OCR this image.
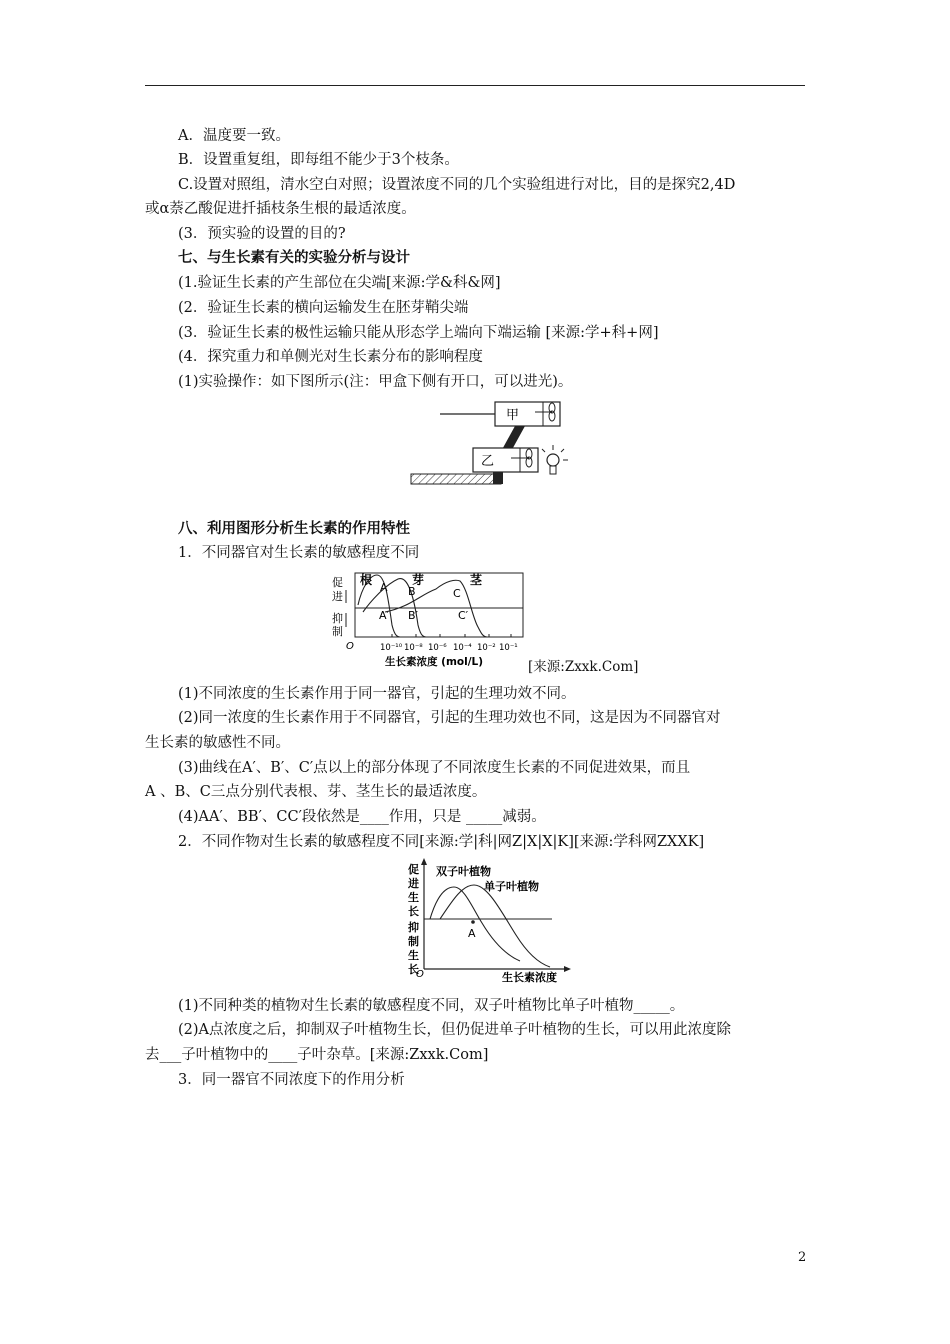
A．温度要一致。
B．设置重复组，即每组不能少于3个枝条。
C.设置对照组，清水空白对照；设置浓度不同的几个实验组进行对比，目的是探究2,4D
或α萘乙酸促进扦插枝条生根的最适浓度。
(3．预实验的设置的目的?
七、与生长素有关的实验分析与设计
(1.验证生长素的产生部位在尖端[来源:学&科&网]
(2．验证生长素的横向运输发生在胚芽鞘尖端
(3．验证生长素的极性运输只能从形态学上端向下端运输 [来源:学+科+网]
(4．探究重力和单侧光对生长素分布的影响程度
(1)实验操作：如下图所示(注：甲盒下侧有开口，可以进光)。
甲
乙
八、利用图形分析生长素的作用特性
1．不同器官对生长素的敏感程度不同
促
进
抑
制
O	10⁻¹⁰ 10⁻⁸ 10⁻⁶ 10⁻⁴ 10⁻² 10⁻¹
生长素浓度 (mol/L)
根
A
A′
芽
B
B′
茎
C
C′
[来源:Zxxk.Com]
(1)不同浓度的生长素作用于同一器官，引起的生理功效不同。
(2)同一浓度的生长素作用于不同器官，引起的生理功效也不同，这是因为不同器官对
生长素的敏感性不同。
(3)曲线在A′、B′、C′点以上的部分体现了不同浓度生长素的不同促进效果，而且
A 、B、C三点分别代表根、芽、茎生长的最适浓度。
(4)AA′、BB′、CC′段依然是____作用，只是 _____减弱。
2．不同作物对生长素的敏感程度不同[来源:学|科|网Z|X|X|K][来源:学科网ZXXK]
促
进
生
长
抑
制
生
长
O	生长素浓度
双子叶植物
单子叶植物
A
(1)不同种类的植物对生长素的敏感程度不同，双子叶植物比单子叶植物_____。
(2)A点浓度之后，抑制双子叶植物生长，但仍促进单子叶植物的生长，可以用此浓度除
去___子叶植物中的____子叶杂草。[来源:Zxxk.Com]
3．同一器官不同浓度下的作用分析
2
